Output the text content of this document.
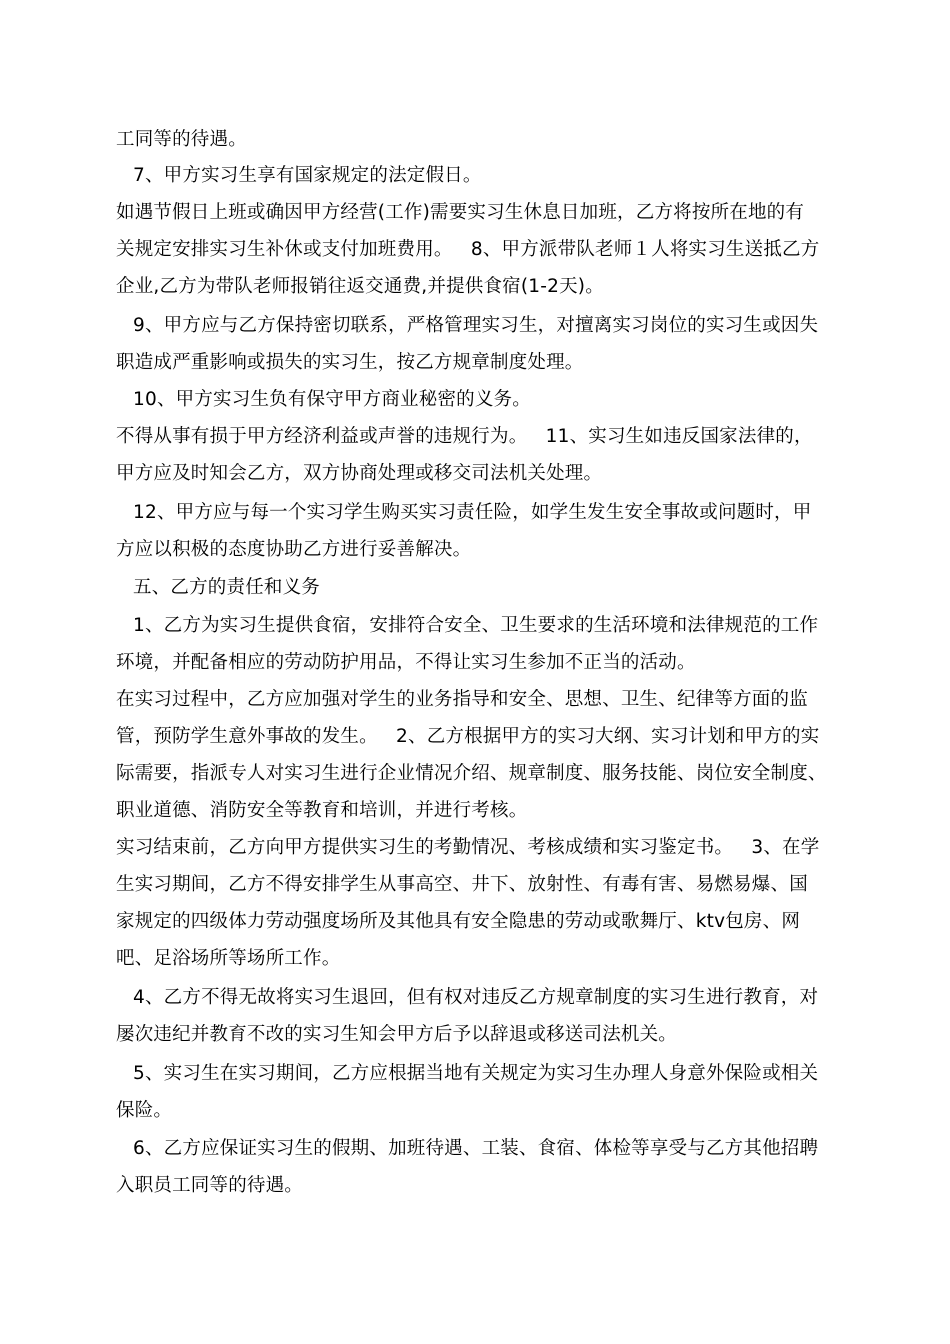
工同等的待遇。
7、甲方实习生享有国家规定的法定假日。
如遇节假日上班或确因甲方经营(工作)需要实习生休息日加班，乙方将按所在地的有
关规定安排实习生补休或支付加班费用。   8、甲方派带队老师１人将实习生送抵乙方
企业,乙方为带队老师报销往返交通费,并提供食宿(1-2天)。
9、甲方应与乙方保持密切联系，严格管理实习生，对擅离实习岗位的实习生或因失
职造成严重影响或损失的实习生，按乙方规章制度处理。
10、甲方实习生负有保守甲方商业秘密的义务。
不得从事有损于甲方经济利益或声誉的违规行为。   11、实习生如违反国家法律的，
甲方应及时知会乙方，双方协商处理或移交司法机关处理。
12、甲方应与每一个实习学生购买实习责任险，如学生发生安全事故或问题时，甲
方应以积极的态度协助乙方进行妥善解决。
五、乙方的责任和义务
1、乙方为实习生提供食宿，安排符合安全、卫生要求的生活环境和法律规范的工作
环境，并配备相应的劳动防护用品，不得让实习生参加不正当的活动。
在实习过程中，乙方应加强对学生的业务指导和安全、思想、卫生、纪律等方面的监
管，预防学生意外事故的发生。   2、乙方根据甲方的实习大纲、实习计划和甲方的实
际需要，指派专人对实习生进行企业情况介绍、规章制度、服务技能、岗位安全制度、
职业道德、消防安全等教育和培训，并进行考核。
实习结束前，乙方向甲方提供实习生的考勤情况、考核成绩和实习鉴定书。   3、在学
生实习期间，乙方不得安排学生从事高空、井下、放射性、有毒有害、易燃易爆、国
家规定的四级体力劳动强度场所及其他具有安全隐患的劳动或歌舞厅、ktv包房、网
吧、足浴场所等场所工作。
4、乙方不得无故将实习生退回，但有权对违反乙方规章制度的实习生进行教育，对
屡次违纪并教育不改的实习生知会甲方后予以辞退或移送司法机关。
5、实习生在实习期间，乙方应根据当地有关规定为实习生办理人身意外保险或相关
保险。
6、乙方应保证实习生的假期、加班待遇、工装、食宿、体检等享受与乙方其他招聘
入职员工同等的待遇。
